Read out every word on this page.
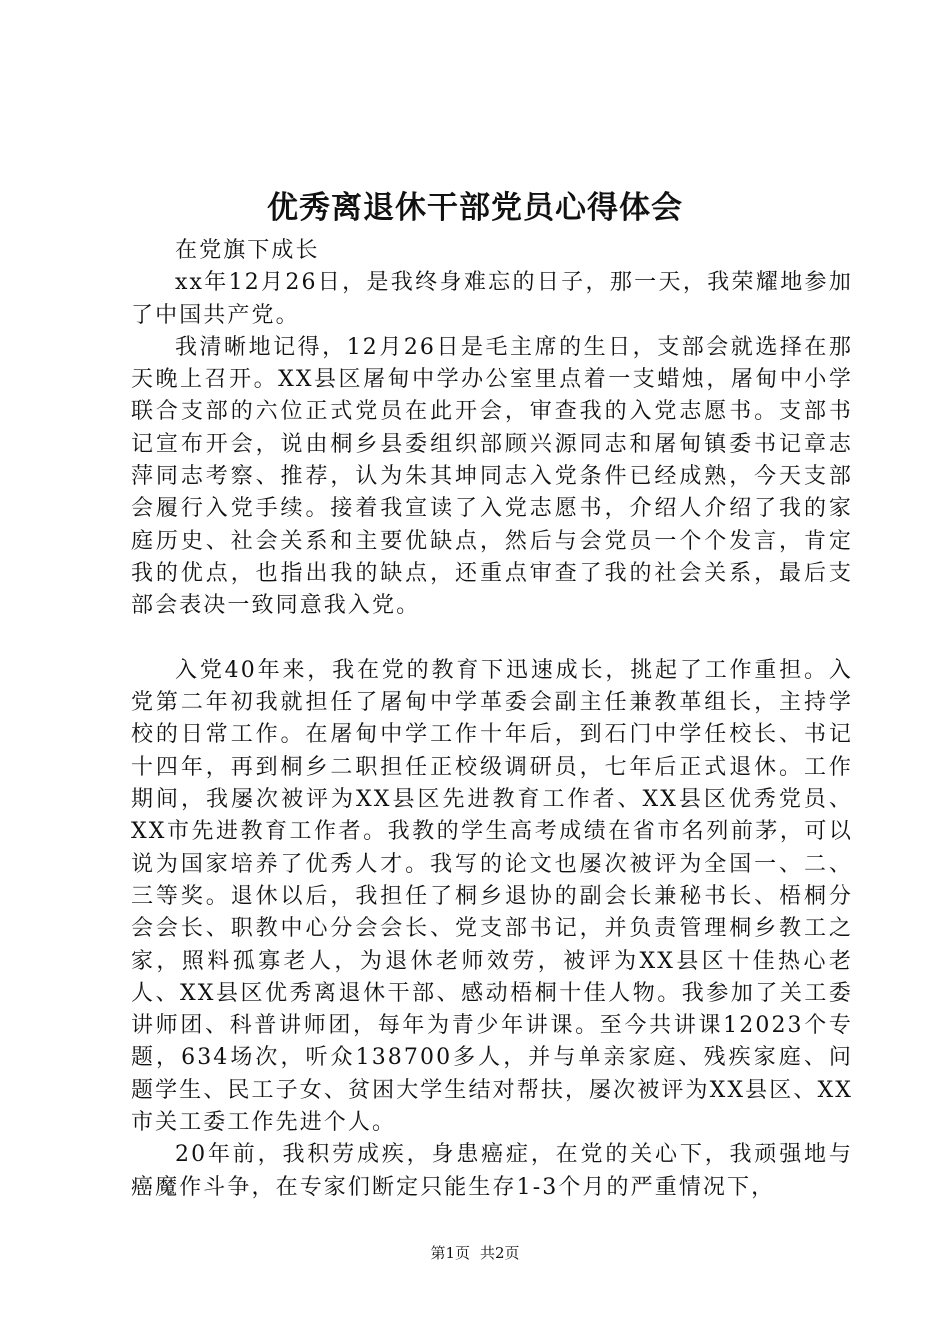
优秀离退休干部党员心得体会

在党旗下成长

xx年12月26日，是我终身难忘的日子，那一天，我荣耀地参加了中国共产党。

我清晰地记得，12月26日是毛主席的生日，支部会就选择在那天晚上召开。XX县区屠甸中学办公室里点着一支蜡烛，屠甸中小学联合支部的六位正式党员在此开会，审查我的入党志愿书。支部书记宣布开会，说由桐乡县委组织部顾兴源同志和屠甸镇委书记章志萍同志考察、推荐，认为朱其坤同志入党条件已经成熟，今天支部会履行入党手续。接着我宣读了入党志愿书，介绍人介绍了我的家庭历史、社会关系和主要优缺点，然后与会党员一个个发言，肯定我的优点，也指出我的缺点，还重点审查了我的社会关系，最后支部会表决一致同意我入党。

入党40年来，我在党的教育下迅速成长，挑起了工作重担。入党第二年初我就担任了屠甸中学革委会副主任兼教革组长，主持学校的日常工作。在屠甸中学工作十年后，到石门中学任校长、书记十四年，再到桐乡二职担任正校级调研员，七年后正式退休。工作期间，我屡次被评为XX县区先进教育工作者、XX县区优秀党员、XX市先进教育工作者。我教的学生高考成绩在省市名列前茅，可以说为国家培养了优秀人才。我写的论文也屡次被评为全国一、二、三等奖。退休以后，我担任了桐乡退协的副会长兼秘书长、梧桐分会会长、职教中心分会会长、党支部书记，并负责管理桐乡教工之家，照料孤寡老人，为退休老师效劳，被评为XX县区十佳热心老人、XX县区优秀离退休干部、感动梧桐十佳人物。我参加了关工委讲师团、科普讲师团，每年为青少年讲课。至今共讲课12023个专题，634场次，听众138700多人，并与单亲家庭、残疾家庭、问题学生、民工子女、贫困大学生结对帮扶，屡次被评为XX县区、XX市关工委工作先进个人。

20年前，我积劳成疾，身患癌症，在党的关心下，我顽强地与癌魔作斗争，在专家们断定只能生存1-3个月的严重情况下，

第1页 共2页
